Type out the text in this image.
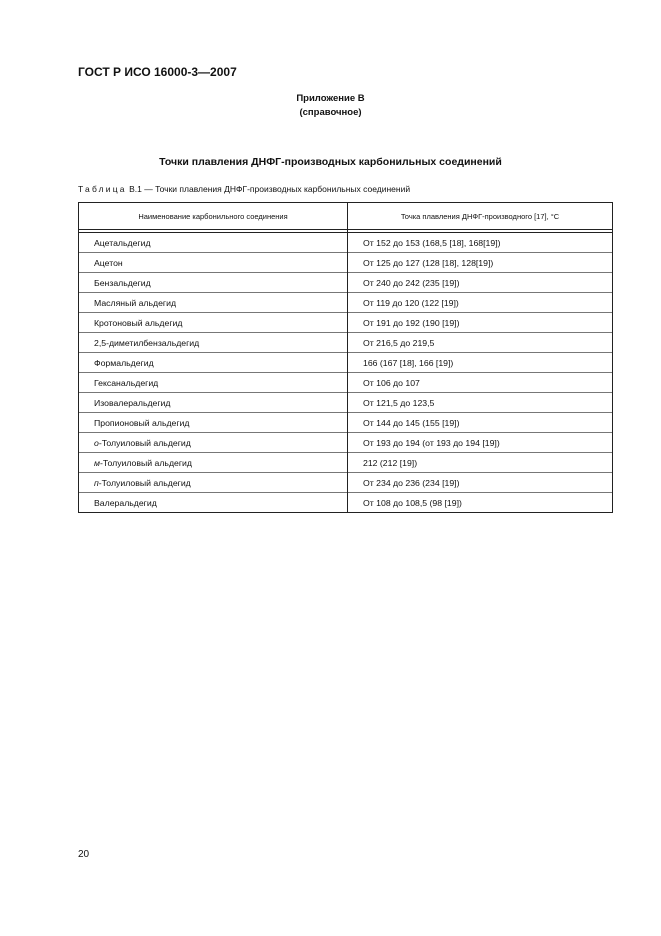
ГОСТ Р ИСО 16000-3—2007
Приложение В
(справочное)
Точки плавления ДНФГ-производных карбонильных соединений
Таблица В.1 — Точки плавления ДНФГ-производных карбонильных соединений
Наименование карбонильного соединения	Точка плавления ДНФГ-производного [17], °С

Ацетальдегид	От 152 до 153 (168,5 [18], 168[19])
Ацетон	От 125 до 127 (128 [18], 128[19])
Бензальдегид	От 240 до 242 (235 [19])
Масляный альдегид	От 119 до 120 (122 [19])
Кротоновый альдегид	От 191 до 192 (190 [19])
2,5-диметилбензальдегид	От 216,5 до 219,5
Формальдегид	166 (167 [18], 166 [19])
Гексанальдегид	От 106 до 107
Изовалеральдегид	От 121,5 до 123,5
Пропионовый альдегид	От 144 до 145 (155 [19])
о-Толуиловый альдегид	От 193 до 194 (от 193 до 194 [19])
м-Толуиловый альдегид	212 (212 [19])
п-Толуиловый альдегид	От 234 до 236 (234 [19])
Валеральдегид	От 108 до 108,5 (98 [19])
20
